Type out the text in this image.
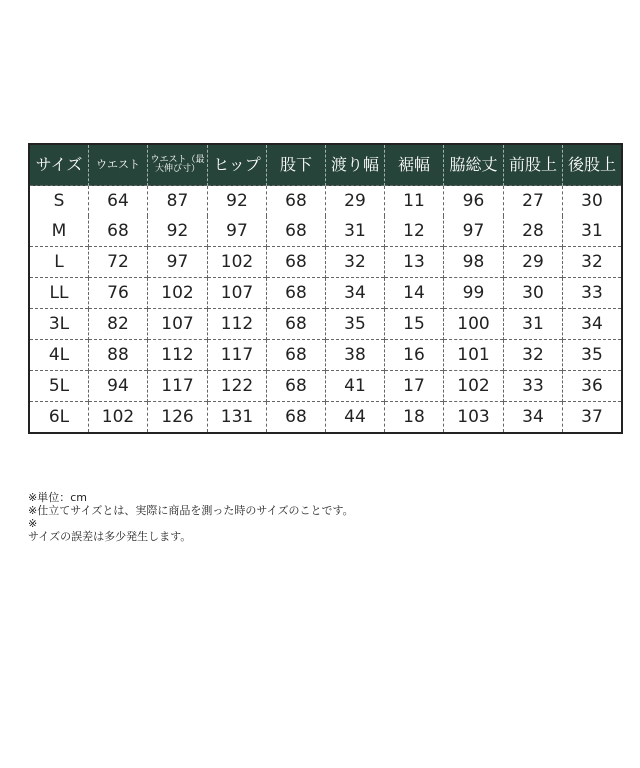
サイズ	ウエスト	ウエスト（最大伸び寸）	ヒップ	股下	渡り幅	裾幅	脇総丈	前股上	後股上
S	64	87	92	68	29	11	96	27	30
M	68	92	97	68	31	12	97	28	31
L	72	97	102	68	32	13	98	29	32
LL	76	102	107	68	34	14	99	30	33
3L	82	107	112	68	35	15	100	31	34
4L	88	112	117	68	38	16	101	32	35
5L	94	117	122	68	41	17	102	33	36
6L	102	126	131	68	44	18	103	34	37
※単位：cm
※仕立てサイズとは、実際に商品を測った時のサイズのことです。
※
サイズの誤差は多少発生します。
